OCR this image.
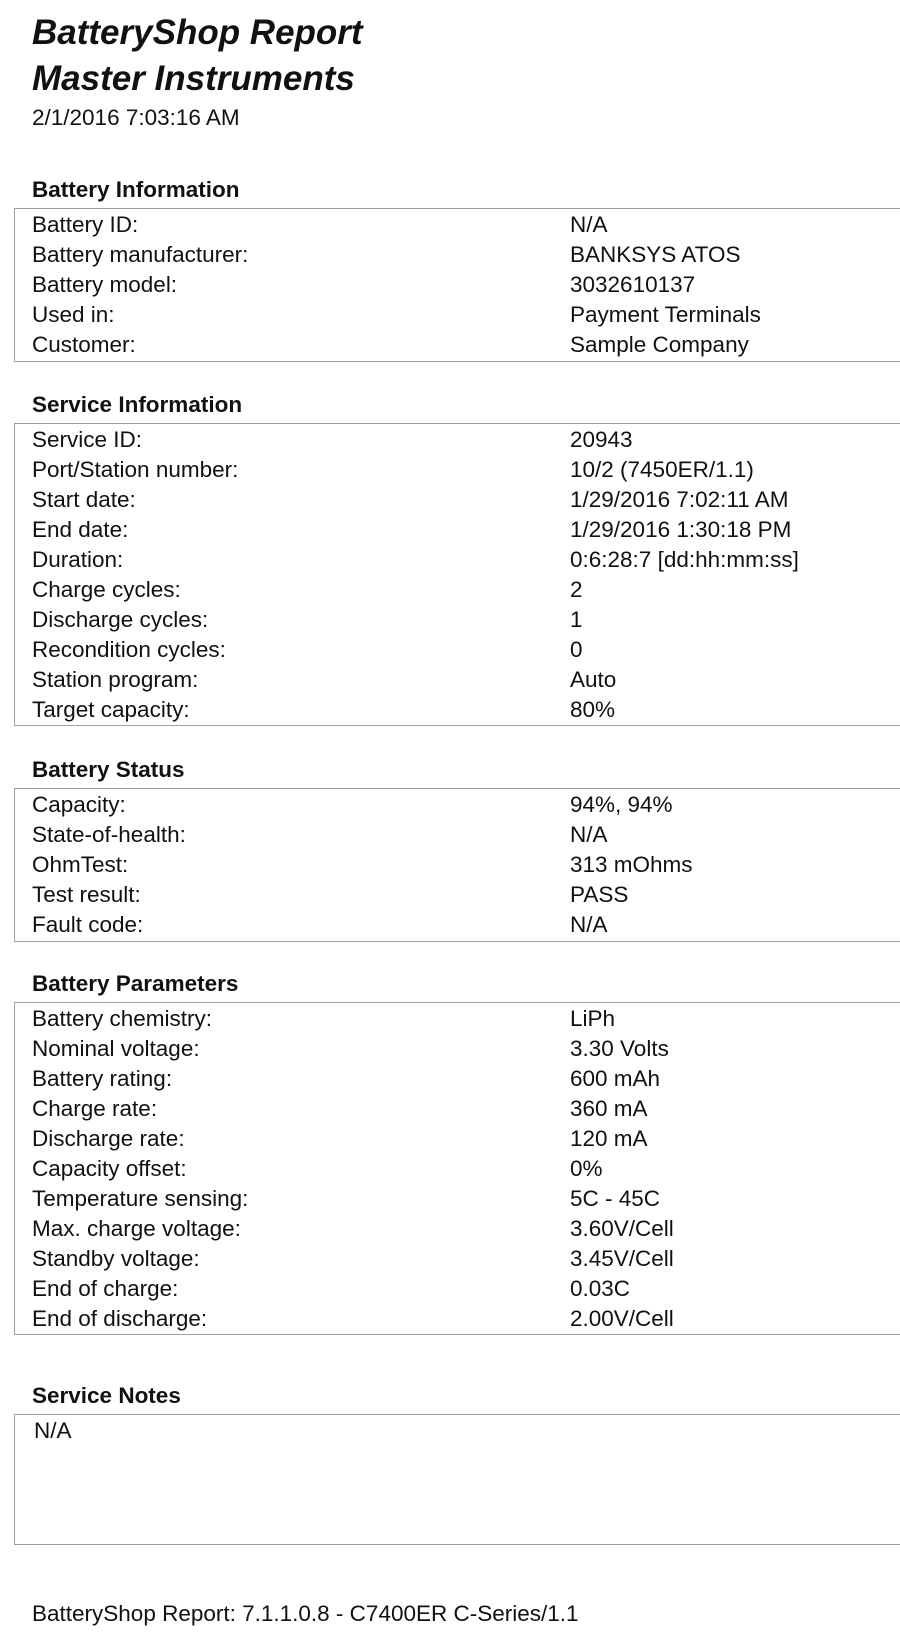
BatteryShop Report
Master Instruments
2/1/2016 7:03:16 AM
Battery Information
Battery ID:	N/A
Battery manufacturer:	BANKSYS ATOS
Battery model:	3032610137
Used in:	Payment Terminals
Customer:	Sample Company
Service Information
Service ID:	20943
Port/Station number:	10/2 (7450ER/1.1)
Start date:	1/29/2016 7:02:11 AM
End date:	1/29/2016 1:30:18 PM
Duration:	0:6:28:7 [dd:hh:mm:ss]
Charge cycles:	2
Discharge cycles:	1
Recondition cycles:	0
Station program:	Auto
Target capacity:	80%
Battery Status
Capacity:	94%, 94%
State-of-health:	N/A
OhmTest:	313 mOhms
Test result:	PASS
Fault code:	N/A
Battery Parameters
Battery chemistry:	LiPh
Nominal voltage:	3.30 Volts
Battery rating:	600 mAh
Charge rate:	360 mA
Discharge rate:	120 mA
Capacity offset:	0%
Temperature sensing:	5C - 45C
Max. charge voltage:	3.60V/Cell
Standby voltage:	3.45V/Cell
End of charge:	0.03C
End of discharge:	2.00V/Cell
Service Notes
N/A
BatteryShop Report: 7.1.1.0.8 - C7400ER C-Series/1.1
